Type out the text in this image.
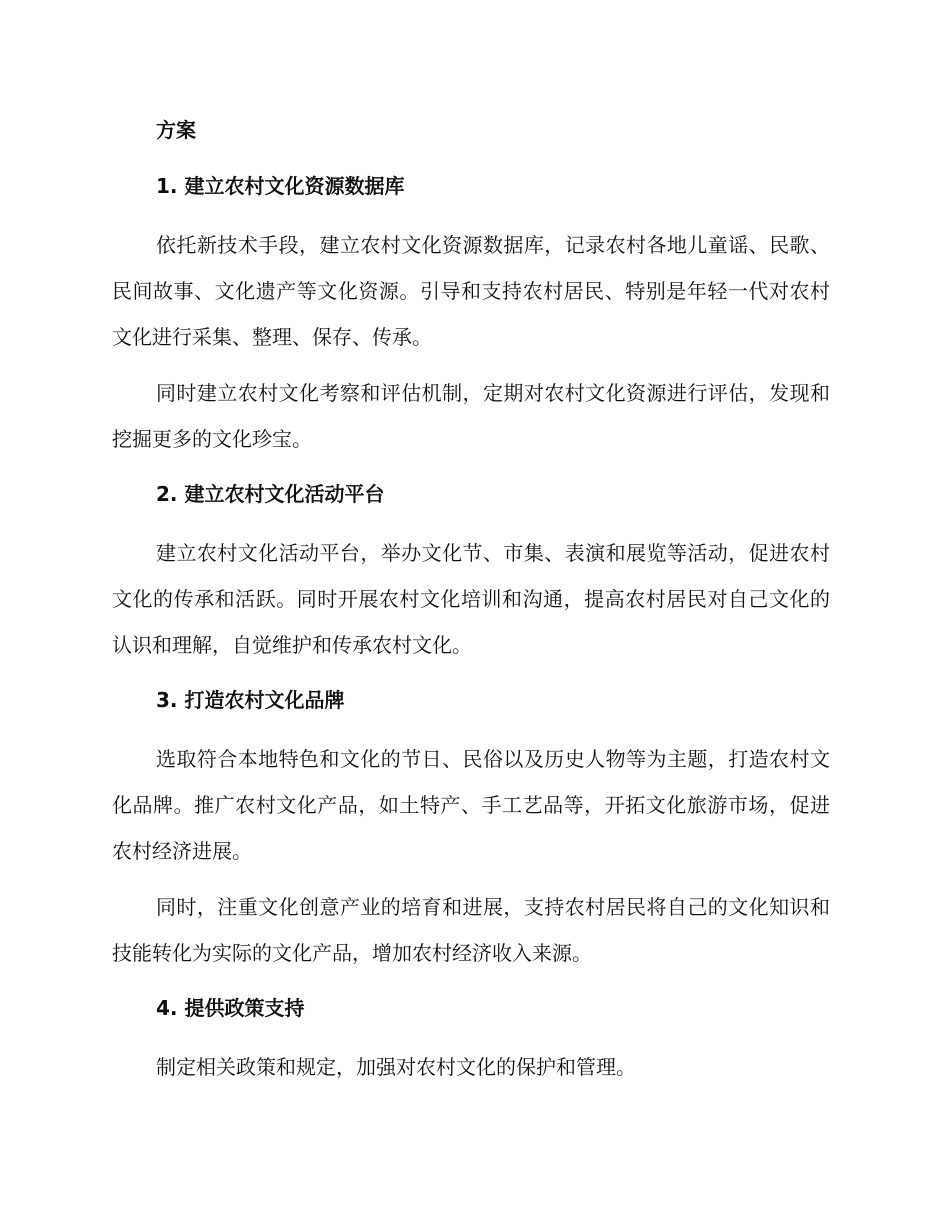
方案
1. 建立农村文化资源数据库

依托新技术手段，建立农村文化资源数据库，记录农村各地儿童谣、民歌、民间故事、文化遗产等文化资源。引导和支持农村居民、特别是年轻一代对农村文化进行采集、整理、保存、传承。

同时建立农村文化考察和评估机制，定期对农村文化资源进行评估，发现和挖掘更多的文化珍宝。

2. 建立农村文化活动平台

建立农村文化活动平台，举办文化节、市集、表演和展览等活动，促进农村文化的传承和活跃。同时开展农村文化培训和沟通，提高农村居民对自己文化的认识和理解，自觉维护和传承农村文化。

3. 打造农村文化品牌

选取符合本地特色和文化的节日、民俗以及历史人物等为主题，打造农村文化品牌。推广农村文化产品，如土特产、手工艺品等，开拓文化旅游市场，促进农村经济进展。

同时，注重文化创意产业的培育和进展，支持农村居民将自己的文化知识和技能转化为实际的文化产品，增加农村经济收入来源。

4. 提供政策支持

制定相关政策和规定，加强对农村文化的保护和管理。
